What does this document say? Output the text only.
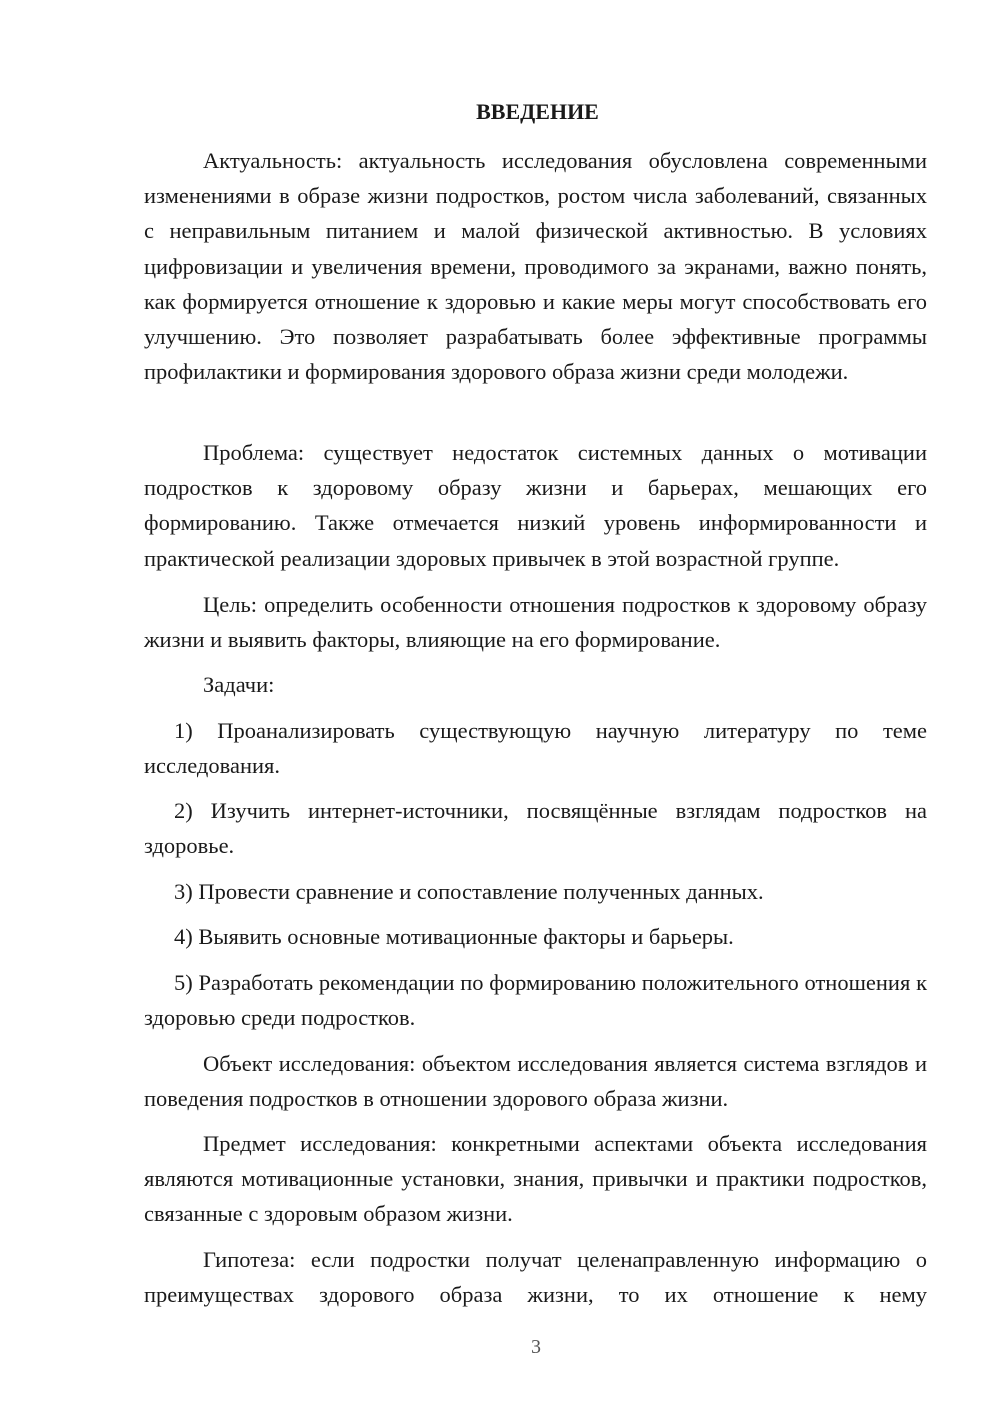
ВВЕДЕНИЕ

Актуальность: актуальность исследования обусловлена современными изменениями в образе жизни подростков, ростом числа заболеваний, связанных с неправильным питанием и малой физической активностью. В условиях цифровизации и увеличения времени, проводимого за экранами, важно понять, как формируется отношение к здоровью и какие меры могут способствовать его улучшению. Это позволяет разрабатывать более эффективные программы профилактики и формирования здорового образа жизни среди молодежи.

Проблема: существует недостаток системных данных о мотивации подростков к здоровому образу жизни и барьерах, мешающих его формированию. Также отмечается низкий уровень информированности и практической реализации здоровых привычек в этой возрастной группе.

Цель: определить особенности отношения подростков к здоровому образу жизни и выявить факторы, влияющие на его формирование.

Задачи:

1) Проанализировать существующую научную литературу по теме исследования.

2) Изучить интернет-источники, посвящённые взглядам подростков на здоровье.

3) Провести сравнение и сопоставление полученных данных.

4) Выявить основные мотивационные факторы и барьеры.

5) Разработать рекомендации по формированию положительного отношения к здоровью среди подростков.

Объект исследования: объектом исследования является система взглядов и поведения подростков в отношении здорового образа жизни.

Предмет исследования: конкретными аспектами объекта исследования являются мотивационные установки, знания, привычки и практики подростков, связанные с здоровым образом жизни.

Гипотеза: если подростки получат целенаправленную информацию о преимуществах здорового образа жизни, то их отношение к нему

3
